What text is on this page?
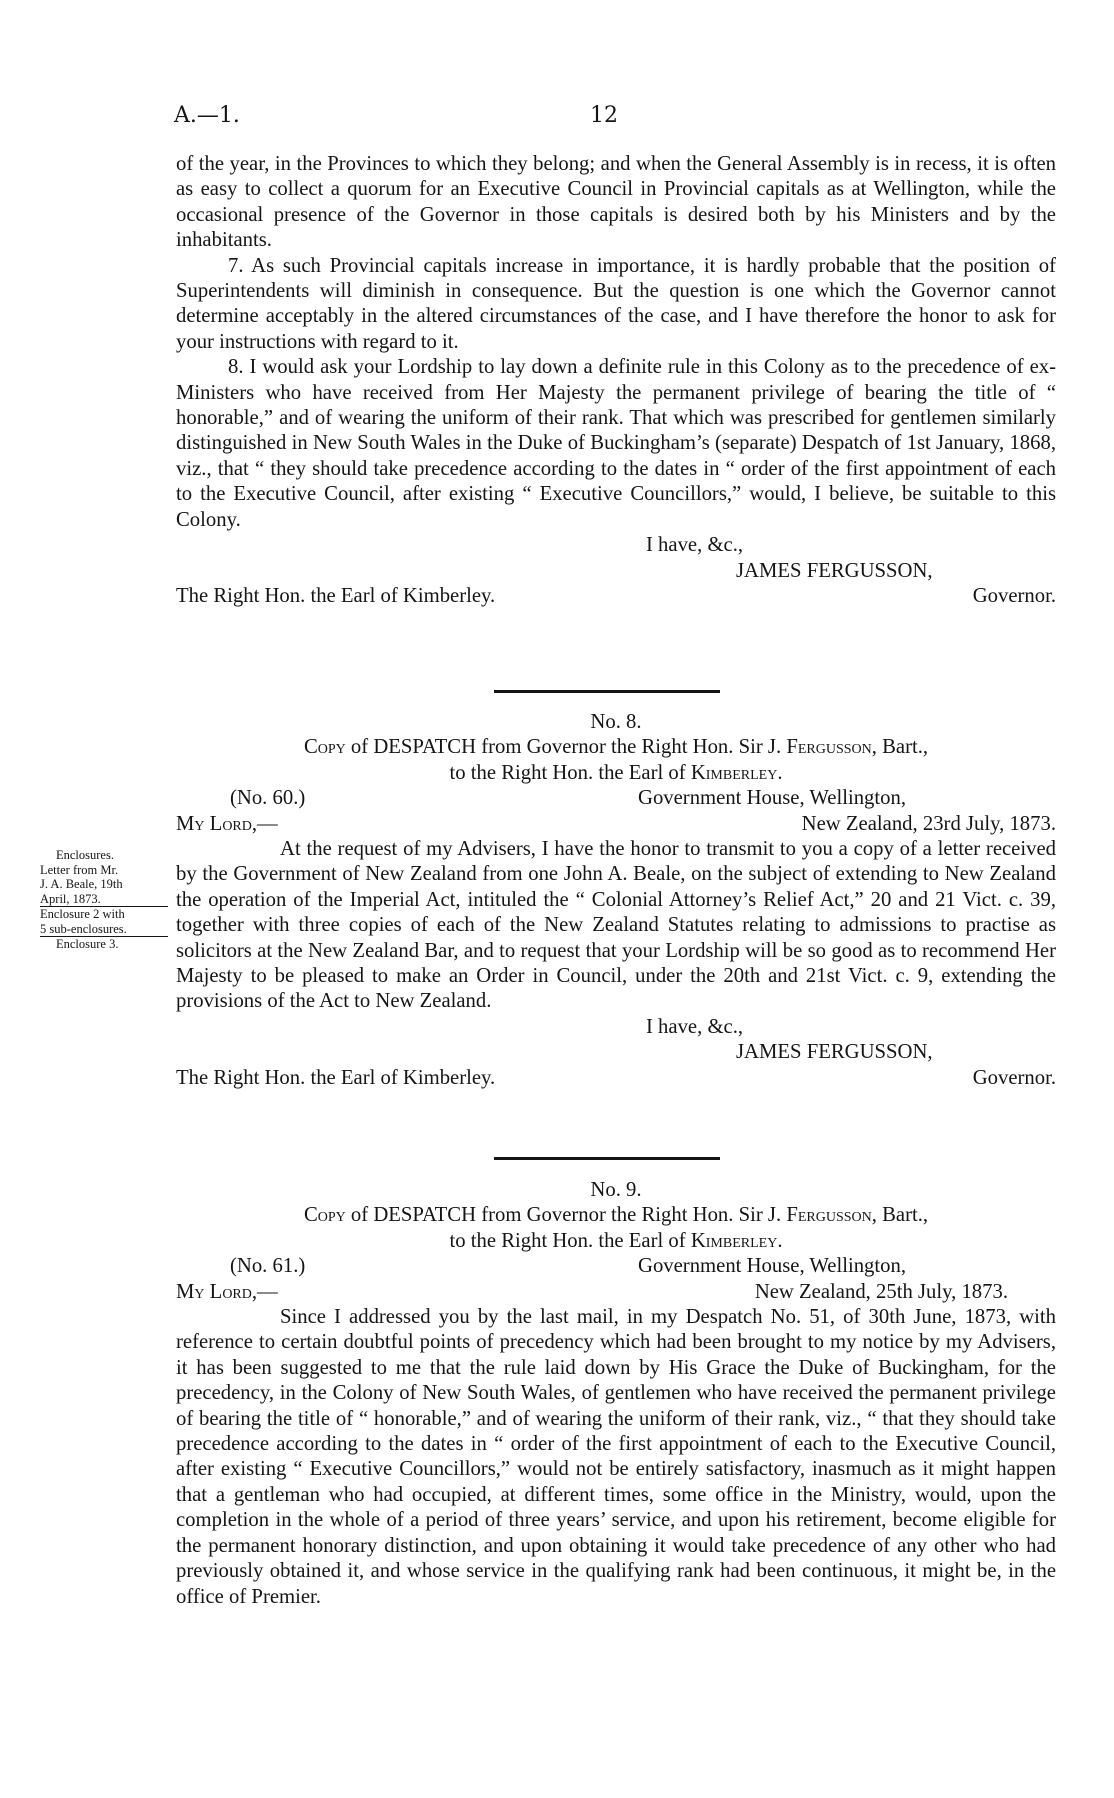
A.—1.	12

of the year, in the Provinces to which they belong; and when the General Assembly is in recess, it is often as easy to collect a quorum for an Executive Council in Provincial capitals as at Wellington, while the occasional presence of the Governor in those capitals is desired both by his Ministers and by the inhabitants.

7. As such Provincial capitals increase in importance, it is hardly probable that the position of Superintendents will diminish in consequence. But the question is one which the Governor cannot determine acceptably in the altered circumstances of the case, and I have therefore the honor to ask for your instructions with regard to it.

8. I would ask your Lordship to lay down a definite rule in this Colony as to the precedence of ex-Ministers who have received from Her Majesty the permanent privilege of bearing the title of “ honorable,” and of wearing the uniform of their rank. That which was prescribed for gentlemen similarly distinguished in New South Wales in the Duke of Buckingham’s (separate) Despatch of 1st January, 1868, viz., that “ they should take precedence according to the dates in “ order of the first appointment of each to the Executive Council, after existing “ Executive Councillors,” would, I believe, be suitable to this Colony.

I have, &c.,

JAMES FERGUSSON,

The Right Hon. the Earl of Kimberley.	Governor.

No. 8.

Copy of DESPATCH from Governor the Right Hon. Sir J. Fergusson, Bart.,

to the Right Hon. the Earl of Kimberley.

(No. 60.)	Government House, Wellington,
My Lord,—	New Zealand, 23rd July, 1873.

At the request of my Advisers, I have the honor to transmit to you a copy of a letter received by the Government of New Zealand from one John A. Beale, on the subject of extending to New Zealand the operation of the Imperial Act, intituled the “ Colonial Attorney’s Relief Act,” 20 and 21 Vict. c. 39, together with three copies of each of the New Zealand Statutes relating to admissions to practise as solicitors at the New Zealand Bar, and to request that your Lordship will be so good as to recommend Her Majesty to be pleased to make an Order in Council, under the 20th and 21st Vict. c. 9, extending the provisions of the Act to New Zealand.

I have, &c.,

JAMES FERGUSSON,

The Right Hon. the Earl of Kimberley.	Governor.
Enclosures.
Letter from Mr.
J. A. Beale, 19th
April, 1873.
Enclosure 2 with
5 sub-enclosures.
Enclosure 3.

No. 9.

Copy of DESPATCH from Governor the Right Hon. Sir J. Fergusson, Bart.,

to the Right Hon. the Earl of Kimberley.

(No. 61.)	Government House, Wellington,
My Lord,—	New Zealand, 25th July, 1873.

Since I addressed you by the last mail, in my Despatch No. 51, of 30th June, 1873, with reference to certain doubtful points of precedency which had been brought to my notice by my Advisers, it has been suggested to me that the rule laid down by His Grace the Duke of Buckingham, for the precedency, in the Colony of New South Wales, of gentlemen who have received the permanent privilege of bearing the title of “ honorable,” and of wearing the uniform of their rank, viz., “ that they should take precedence according to the dates in “ order of the first appointment of each to the Executive Council, after existing “ Executive Councillors,” would not be entirely satisfactory, inasmuch as it might happen that a gentleman who had occupied, at different times, some office in the Ministry, would, upon the completion in the whole of a period of three years’ service, and upon his retirement, become eligible for the permanent honorary distinction, and upon obtaining it would take precedence of any other who had previously obtained it, and whose service in the qualifying rank had been continuous, it might be, in the office of Premier.
